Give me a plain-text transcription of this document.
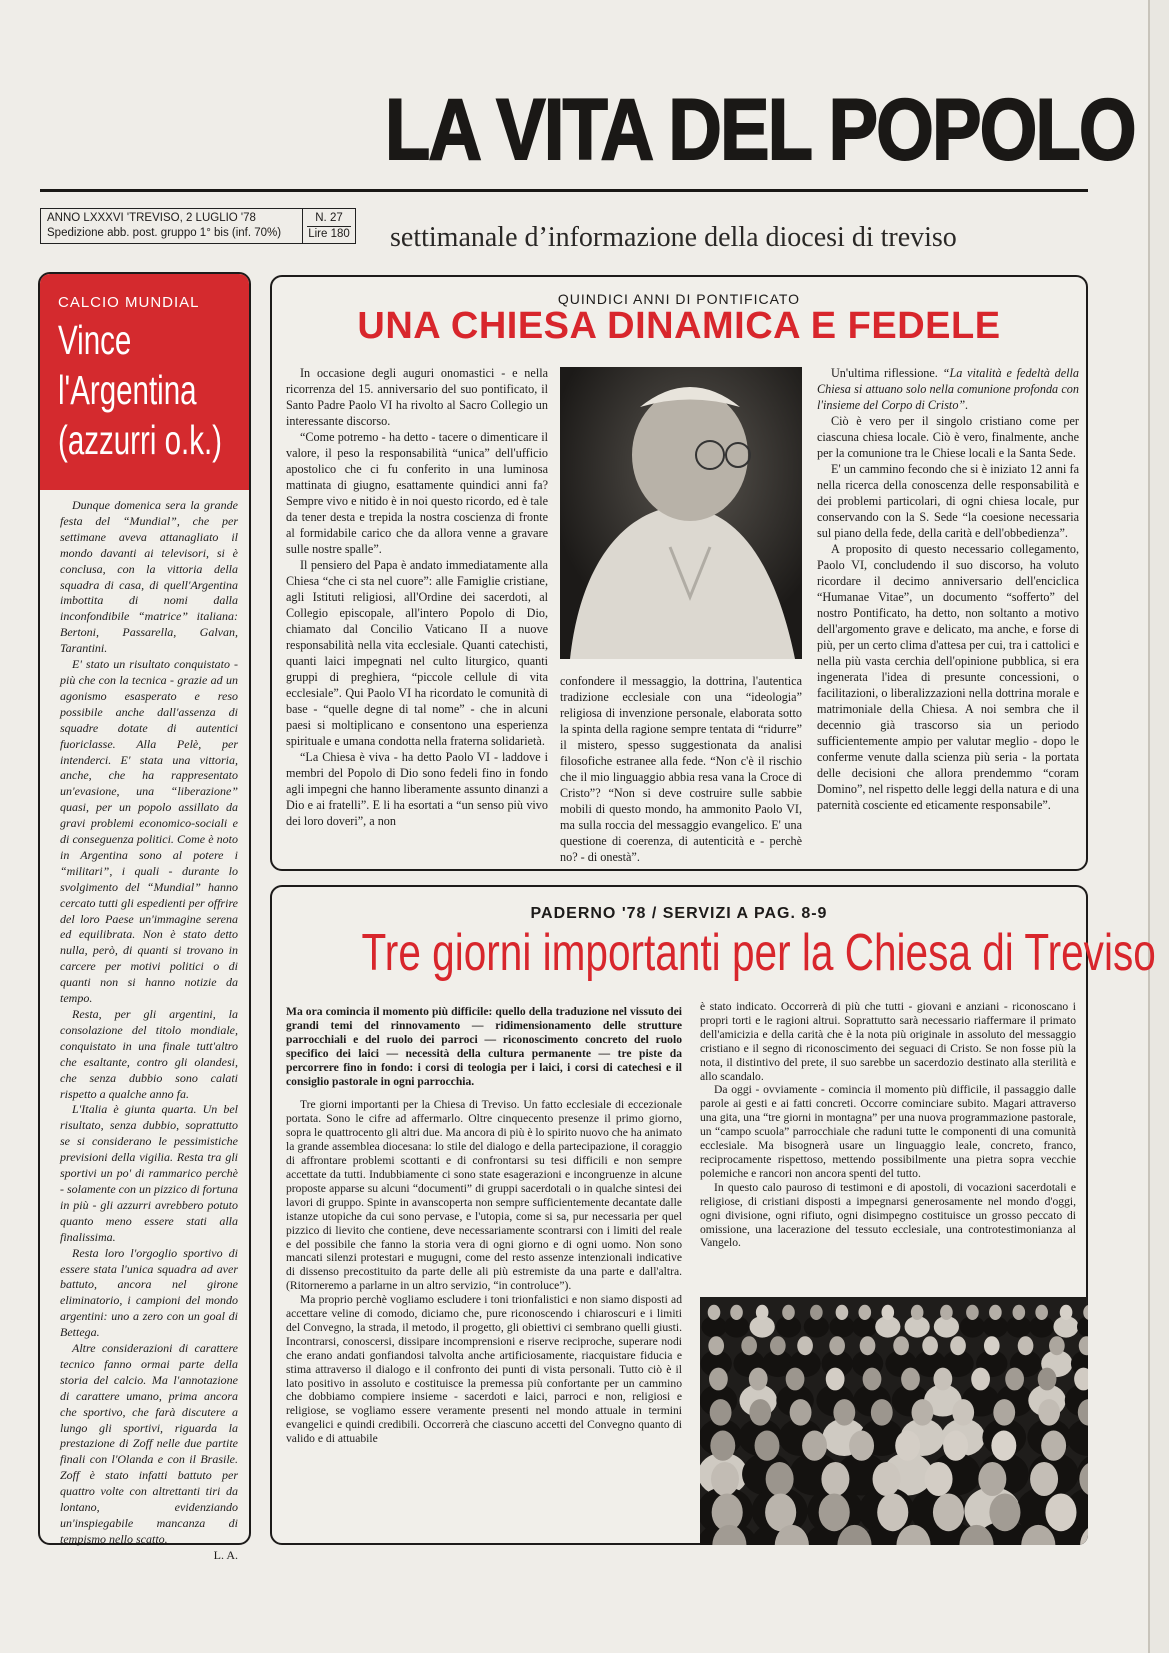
LA VITA DEL POPOLO
ANNO LXXXVI 'TREVISO, 2 LUGLIO '78
Spedizione abb. post. gruppo 1° bis (inf. 70%)
N. 27
Lire 180 settimanale d’informazione della diocesi di treviso
CALCIO MUNDIAL
Vince l'Argentina (azzurri o.k.)

Dunque domenica sera la grande festa del “Mundial”, che per settimane aveva attanagliato il mondo davanti ai televisori, si è conclusa, con la vittoria della squadra di casa, di quell'Argentina imbottita di nomi dalla inconfondibile “matrice” italiana: Bertoni, Passarella, Galvan, Tarantini.

E' stato un risultato conquistato - più che con la tecnica - grazie ad un agonismo esasperato e reso possibile anche dall'assenza di squadre dotate di autentici fuoriclasse. Alla Pelè, per intenderci. E' stata una vittoria, anche, che ha rappresentato un'evasione, una “liberazione” quasi, per un popolo assillato da gravi problemi economico-sociali e di conseguenza politici. Come è noto in Argentina sono al potere i “militari”, i quali - durante lo svolgimento del “Mundial” hanno cercato tutti gli espedienti per offrire del loro Paese un'immagine serena ed equilibrata. Non è stato detto nulla, però, di quanti si trovano in carcere per motivi politici o di quanti non si hanno notizie da tempo.

Resta, per gli argentini, la consolazione del titolo mondiale, conquistato in una finale tutt'altro che esaltante, contro gli olandesi, che senza dubbio sono calati rispetto a qualche anno fa.

L'Italia è giunta quarta. Un bel risultato, senza dubbio, soprattutto se si considerano le pessimistiche previsioni della vigilia. Resta tra gli sportivi un po' di rammarico perchè - solamente con un pizzico di fortuna in più - gli azzurri avrebbero potuto quanto meno essere stati alla finalissima.

Resta loro l'orgoglio sportivo di essere stata l'unica squadra ad aver battuto, ancora nel girone eliminatorio, i campioni del mondo argentini: uno a zero con un goal di Bettega.

Altre considerazioni di carattere tecnico fanno ormai parte della storia del calcio. Ma l'annotazione di carattere umano, prima ancora che sportivo, che farà discutere a lungo gli sportivi, riguarda la prestazione di Zoff nelle due partite finali con l'Olanda e con il Brasile. Zoff è stato infatti battuto per quattro volte con altrettanti tiri da lontano, evidenziando un'inspiegabile mancanza di tempismo nello scatto.

L. A.
QUINDICI ANNI DI PONTIFICATO
UNA CHIESA DINAMICA E FEDELE

In occasione degli auguri onomastici - e nella ricorrenza del 15. anniversario del suo pontificato, il Santo Padre Paolo VI ha rivolto al Sacro Collegio un interessante discorso.

“Come potremo - ha detto - tacere o dimenticare il valore, il peso la responsabilità “unica” dell'ufficio apostolico che ci fu conferito in una luminosa mattinata di giugno, esattamente quindici anni fa? Sempre vivo e nitido è in noi questo ricordo, ed è tale da tener desta e trepida la nostra coscienza di fronte al formidabile carico che da allora venne a gravare sulle nostre spalle”.

Il pensiero del Papa è andato immediatamente alla Chiesa “che ci sta nel cuore”: alle Famiglie cristiane, agli Istituti religiosi, all'Ordine dei sacerdoti, al Collegio episcopale, all'intero Popolo di Dio, chiamato dal Concilio Vaticano II a nuove responsabilità nella vita ecclesiale. Quanti catechisti, quanti laici impegnati nel culto liturgico, quanti gruppi di preghiera, “piccole cellule di vita ecclesiale”. Qui Paolo VI ha ricordato le comunità di base - “quelle degne di tal nome” - che in alcuni paesi si moltiplicano e consentono una esperienza spirituale e umana condotta nella fraterna solidarietà.

“La Chiesa è viva - ha detto Paolo VI - laddove i membri del Popolo di Dio sono fedeli fino in fondo agli impegni che hanno liberamente assunto dinanzi a Dio e ai fratelli”. E li ha esortati a “un senso più vivo dei loro doveri”, a non

confondere il messaggio, la dottrina, l'autentica tradizione ecclesiale con una “ideologia” religiosa di invenzione personale, elaborata sotto la spinta della ragione sempre tentata di “ridurre” il mistero, spesso suggestionata da analisi filosofiche estranee alla fede. “Non c'è il rischio che il mio linguaggio abbia resa vana la Croce di Cristo”? “Non si deve costruire sulle sabbie mobili di questo mondo, ha ammonito Paolo VI, ma sulla roccia del messaggio evangelico. E' una questione di coerenza, di autenticità e - perchè no? - di onestà”.

Un'ultima riflessione. “La vitalità e fedeltà della Chiesa si attuano solo nella comunione profonda con l'insieme del Corpo di Cristo”.

Ciò è vero per il singolo cristiano come per ciascuna chiesa locale. Ciò è vero, finalmente, anche per la comunione tra le Chiese locali e la Santa Sede.

E' un cammino fecondo che si è iniziato 12 anni fa nella ricerca della conoscenza delle responsabilità e dei problemi particolari, di ogni chiesa locale, pur conservando con la S. Sede “la coesione necessaria sul piano della fede, della carità e dell'obbedienza”.

A proposito di questo necessario collegamento, Paolo VI, concludendo il suo discorso, ha voluto ricordare il decimo anniversario dell'enciclica “Humanae Vitae”, un documento “sofferto” del nostro Pontificato, ha detto, non soltanto a motivo dell'argomento grave e delicato, ma anche, e forse di più, per un certo clima d'attesa per cui, tra i cattolici e nella più vasta cerchia dell'opinione pubblica, si era ingenerata l'idea di presunte concessioni, o facilitazioni, o liberalizzazioni nella dottrina morale e matrimoniale della Chiesa. A noi sembra che il decennio già trascorso sia un periodo sufficientemente ampio per valutar meglio - dopo le conferme venute dalla scienza più seria - la portata delle decisioni che allora prendemmo “coram Domino”, nel rispetto delle leggi della natura e di una paternità cosciente ed eticamente responsabile”.

PADERNO '78 / SERVIZI A PAG. 8-9
Tre giorni importanti per la Chiesa di Treviso

Ma ora comincia il momento più difficile: quello della traduzione nel vissuto dei grandi temi del rinnovamento — ridimensionamento delle strutture parrocchiali e del ruolo dei parroci — riconoscimento concreto del ruolo specifico dei laici — necessità della cultura permanente — tre piste da percorrere fino in fondo: i corsi di teologia per i laici, i corsi di catechesi e il consiglio pastorale in ogni parrocchia.

Tre giorni importanti per la Chiesa di Treviso. Un fatto ecclesiale di eccezionale portata. Sono le cifre ad affermarlo. Oltre cinquecento presenze il primo giorno, sopra le quattrocento gli altri due. Ma ancora di più è lo spirito nuovo che ha animato la grande assemblea diocesana: lo stile del dialogo e della partecipazione, il coraggio di affrontare problemi scottanti e di confrontarsi su tesi difficili e non sempre accettate da tutti. Indubbiamente ci sono state esagerazioni e incongruenze in alcune proposte apparse su alcuni “documenti” di gruppi sacerdotali o in qualche sintesi dei lavori di gruppo. Spinte in avanscoperta non sempre sufficientemente decantate dalle istanze utopiche da cui sono pervase, e l'utopia, come si sa, pur necessaria per quel pizzico di lievito che contiene, deve necessariamente scontrarsi con i limiti del reale e del possibile che fanno la storia vera di ogni giorno e di ogni uomo. Non sono mancati silenzi protestari e mugugni, come del resto assenze intenzionali indicative di dissenso precostituito da parte delle ali più estremiste da una parte e dall'altra. (Ritorneremo a parlarne in un altro servizio, “in controluce”).

Ma proprio perchè vogliamo escludere i toni trionfalistici e non siamo disposti ad accettare veline di comodo, diciamo che, pure riconoscendo i chiaroscuri e i limiti del Convegno, la strada, il metodo, il progetto, gli obiettivi ci sembrano quelli giusti. Incontrarsi, conoscersi, dissipare incomprensioni e riserve reciproche, superare nodi che erano andati gonfiandosi talvolta anche artificiosamente, riacquistare fiducia e stima attraverso il dialogo e il confronto dei punti di vista personali. Tutto ciò è il lato positivo in assoluto e costituisce la premessa più confortante per un cammino che dobbiamo compiere insieme - sacerdoti e laici, parroci e non, religiosi e religiose, se vogliamo essere veramente presenti nel mondo attuale in termini evangelici e quindi credibili. Occorrerà che ciascuno accetti del Convegno quanto di valido e di attuabile

è stato indicato. Occorrerà di più che tutti - giovani e anziani - riconoscano i propri torti e le ragioni altrui. Soprattutto sarà necessario riaffermare il primato dell'amicizia e della carità che è la nota più originale in assoluto del messaggio cristiano e il segno di riconoscimento dei seguaci di Cristo. Se non fosse più la nota, il distintivo del prete, il suo sarebbe un sacerdozio destinato alla sterilità e allo scandalo.

Da oggi - ovviamente - comincia il momento più difficile, il passaggio dalle parole ai gesti e ai fatti concreti. Occorre cominciare subito. Magari attraverso una gita, una “tre giorni in montagna” per una nuova programmazione pastorale, un “campo scuola” parrocchiale che raduni tutte le componenti di una comunità ecclesiale. Ma bisognerà usare un linguaggio leale, concreto, franco, reciprocamente rispettoso, mettendo possibilmente una pietra sopra vecchie polemiche e rancori non ancora spenti del tutto.

In questo calo pauroso di testimoni e di apostoli, di vocazioni sacerdotali e religiose, di cristiani disposti a impegnarsi generosamente nel mondo d'oggi, ogni divisione, ogni rifiuto, ogni disimpegno costituisce un grosso peccato di omissione, una lacerazione del tessuto ecclesiale, una controtestimonianza al Vangelo.
